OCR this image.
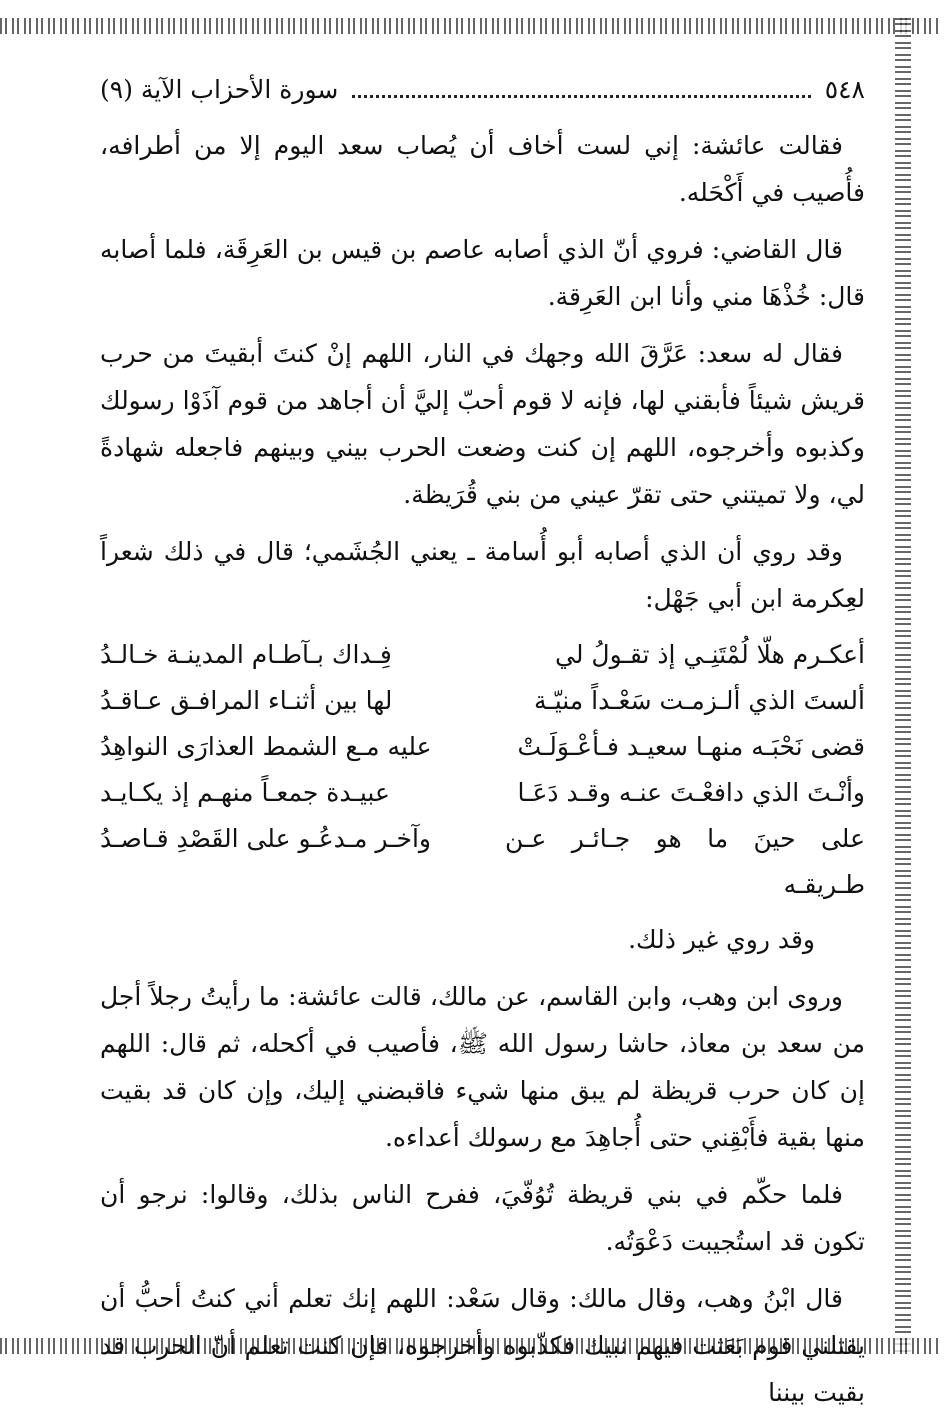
٥٤٨
سورة الأحزاب الآية (٩)

فقالت عائشة: إني لست أخاف أن يُصاب سعد اليوم إلا من أطرافه، فأُصيب في أَكْحَله.

قال القاضي: فروي أنّ الذي أصابه عاصم بن قيس بن العَرِقَة، فلما أصابه قال: خُذْهَا مني وأنا ابن العَرِقة.

فقال له سعد: عَرَّقَ الله وجهك في النار، اللهم إنْ كنتَ أبقيتَ من حرب قريش شيئاً فأبقني لها، فإنه لا قوم أحبّ إليَّ أن أجاهد من قوم آذَوْا رسولك وكذبوه وأخرجوه، اللهم إن كنت وضعت الحرب بيني وبينهم فاجعله شهادةً لي، ولا تميتني حتى تقرّ عيني من بني قُرَيظة.

وقد روي أن الذي أصابه أبو أُسامة ـ يعني الجُشَمي؛ قال في ذلك شعراً لعِكرمة ابن أبي جَهْل:

أعكـرم هلّا لُمْتَنِـي إذ تقـولُ لي
فِـداك بـآطـام المدينـة خـالـدُ
ألستَ الذي ألـزمـت سَعْـداً منيّـة
لها بين أثنـاء المرافـق عـاقـدُ
قضى نَحْبَـه منهـا سعيـد فـأعْـوَلَـتْ
عليه مـع الشمط العذارَى النواهِدُ
وأنْـتَ الذي دافعْـتَ عنـه وقـد دَعَـا
عبيـدة جمعـاً منهـم إذ يكـايـد
على حينَ ما هو جـائـر عـن طـريقـه
وآخـر مـدعُـو على القَصْدِ قـاصـدُ

وقد روي غير ذلك.

وروى ابن وهب، وابن القاسم، عن مالك، قالت عائشة: ما رأيتُ رجلاً أجل من سعد بن معاذ، حاشا رسول الله ﷺ، فأصيب في أكحله، ثم قال: اللهم إن كان حرب قريظة لم يبق منها شيء فاقبضني إليك، وإن كان قد بقيت منها بقية فأَبْقِني حتى أُجاهِدَ مع رسولك أعداءه.

فلما حكّم في بني قريظة تُوُفّيَ، ففرح الناس بذلك، وقالوا: نرجو أن تكون قد استُجيبت دَعْوَتُه.

قال ابْنُ وهب، وقال مالك: وقال سَعْد: اللهم إنك تعلم أني كنتُ أحبُّ أن يقتلني قوم بَعَثت فيهم نبيك فكذّبوه وأخرجوه، فإن كنت تعلم أنّ الحرب قد بقيت بيننا
